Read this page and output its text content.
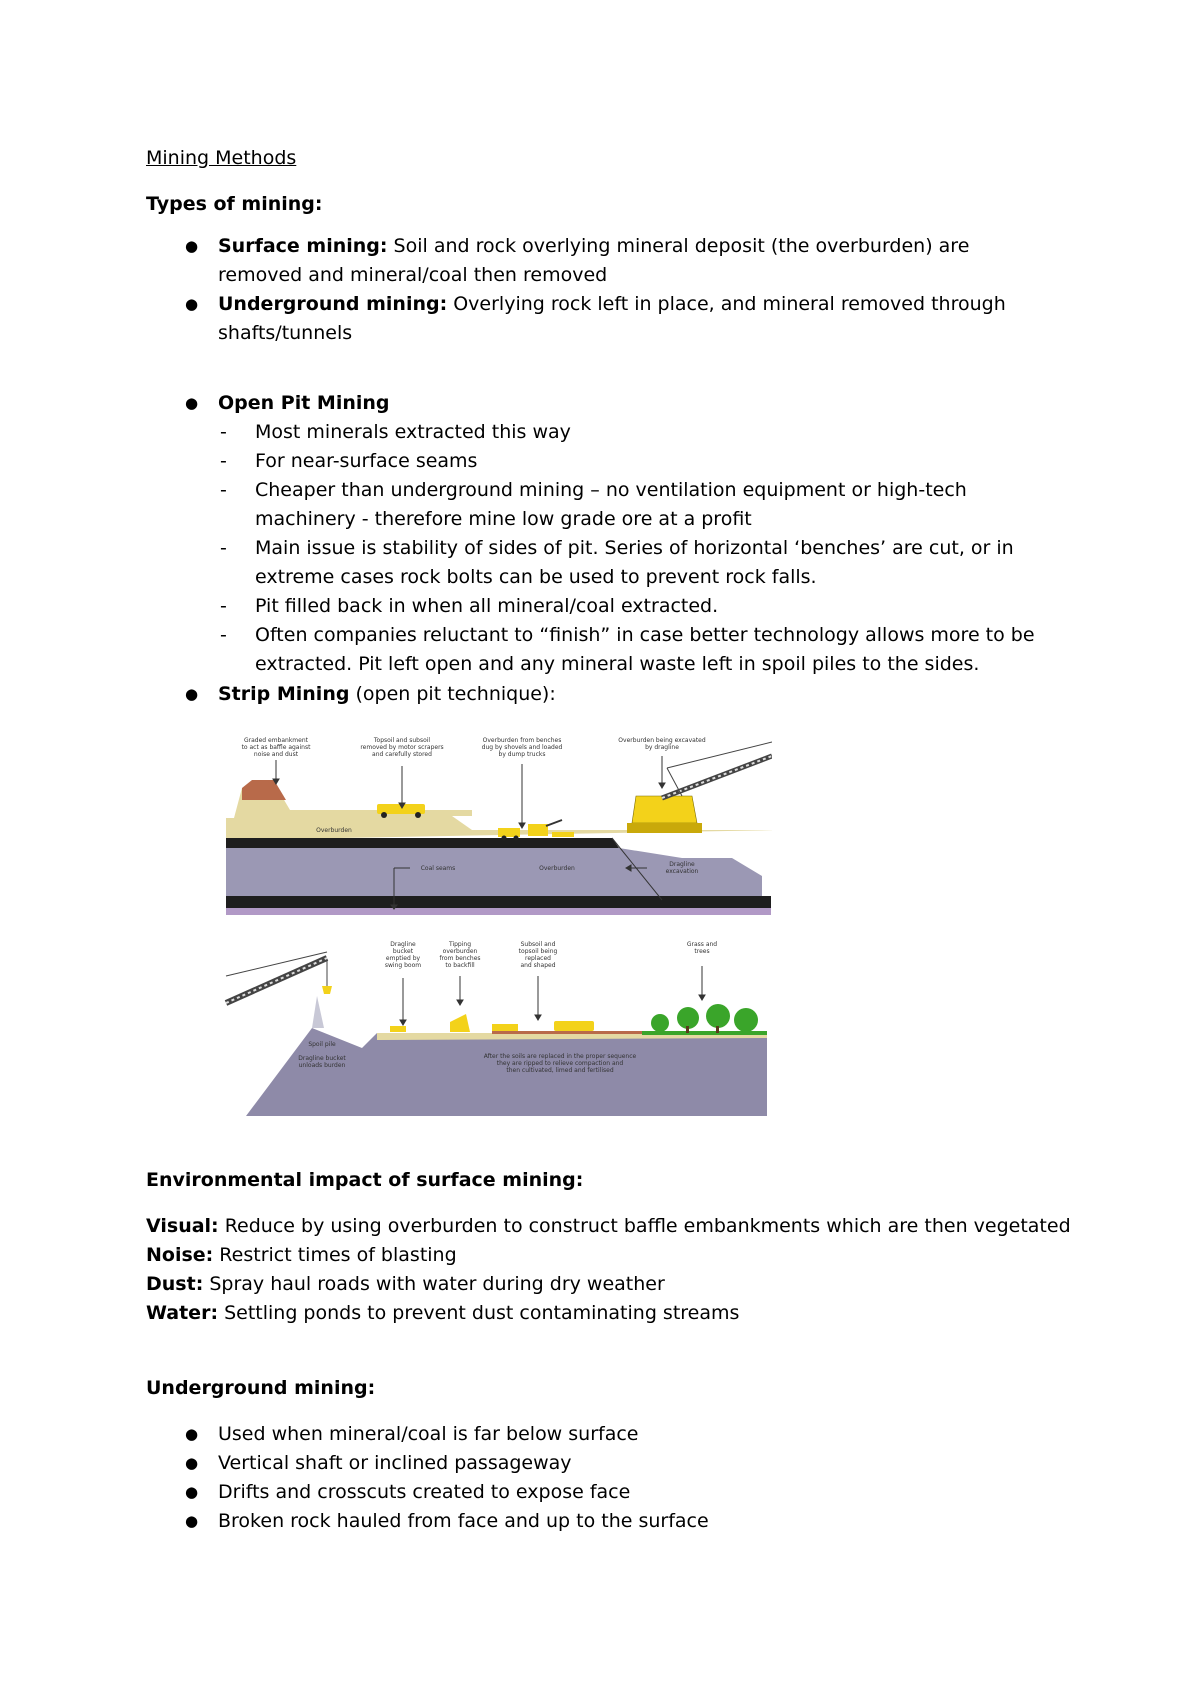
Mining Methods
Types of mining:
● Surface mining: Soil and rock overlying mineral deposit (the overburden) are removed and mineral/coal then removed
● Underground mining: Overlying rock left in place, and mineral removed through shafts/tunnels
● Open Pit Mining
- Most minerals extracted this way
- For near-surface seams
- Cheaper than underground mining – no ventilation equipment or high-tech machinery - therefore mine low grade ore at a profit
- Main issue is stability of sides of pit. Series of horizontal ‘benches’ are cut, or in extreme cases rock bolts can be used to prevent rock falls.
- Pit filled back in when all mineral/coal extracted.
- Often companies reluctant to “finish” in case better technology allows more to be extracted. Pit left open and any mineral waste left in spoil piles to the sides.
● Strip Mining (open pit technique):
Graded embankment
to act as baffle against
noise and dust
Topsoil and subsoil
removed by motor scrapers
and carefully stored
Overburden from benches
dug by shovels and loaded
by dump trucks
Overburden being excavated
by dragline
Overburden
Coal seams	Overburden
Dragline
excavation
Dragline
bucket
emptied by
swing boom
Tipping
overburden
from benches
to backfill
Subsoil and
topsoil being
replaced
and shaped
Grass and
trees
Spoil pile
Dragline bucket
unloads burden
After the soils are replaced in the proper sequence
they are ripped to relieve compaction and
then cultivated, limed and fertilised
Environmental impact of surface mining:
Visual: Reduce by using overburden to construct baffle embankments which are then vegetated
Noise: Restrict times of blasting
Dust: Spray haul roads with water during dry weather
Water: Settling ponds to prevent dust contaminating streams
Underground mining:
● Used when mineral/coal is far below surface
● Vertical shaft or inclined passageway
● Drifts and crosscuts created to expose face
● Broken rock hauled from face and up to the surface
